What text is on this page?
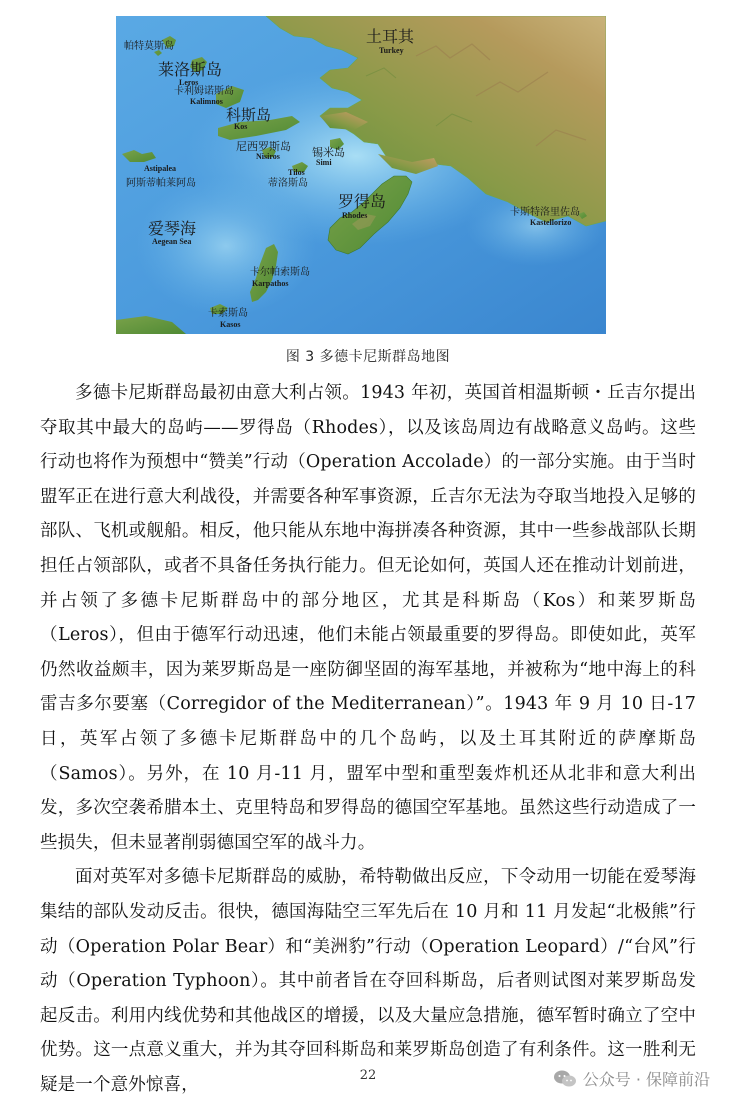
土耳其
Turkey
帕特莫斯岛
莱洛斯岛
Leros
卡利姆诺斯岛
Kalimnos
科斯岛
Kos
尼西罗斯岛
Nisiros	锡米岛
Simi
Astipalea
阿斯蒂帕莱阿岛
Tilos
蒂洛斯岛
罗得岛
Rhodes	卡斯特洛里佐岛
Kastellorizo
爱琴海
Aegean Sea
卡尔帕索斯岛
Karpathos
卡索斯岛
Kasos
图 3 多德卡尼斯群岛地图

多德卡尼斯群岛最初由意大利占领。1943 年初，英国首相温斯顿・丘吉尔提出夺取其中最大的岛屿——罗得岛（Rhodes），以及该岛周边有战略意义岛屿。这些行动也将作为预想中“赞美”行动（Operation Accolade）的一部分实施。由于当时盟军正在进行意大利战役，并需要各种军事资源，丘吉尔无法为夺取当地投入足够的部队、飞机或舰船。相反，他只能从东地中海拼凑各种资源，其中一些参战部队长期担任占领部队，或者不具备任务执行能力。但无论如何，英国人还在推动计划前进，并占领了多德卡尼斯群岛中的部分地区，尤其是科斯岛（Kos）和莱罗斯岛（Leros），但由于德军行动迅速，他们未能占领最重要的罗得岛。即使如此，英军仍然收益颇丰，因为莱罗斯岛是一座防御坚固的海军基地，并被称为“地中海上的科雷吉多尔要塞（Corregidor of the Mediterranean）”。1943 年 9 月 10 日-17 日，英军占领了多德卡尼斯群岛中的几个岛屿，以及土耳其附近的萨摩斯岛（Samos）。另外，在 10 月-11 月，盟军中型和重型轰炸机还从北非和意大利出发，多次空袭希腊本土、克里特岛和罗得岛的德国空军基地。虽然这些行动造成了一些损失，但未显著削弱德国空军的战斗力。

面对英军对多德卡尼斯群岛的威胁，希特勒做出反应，下令动用一切能在爱琴海集结的部队发动反击。很快，德国海陆空三军先后在 10 月和 11 月发起“北极熊”行动（Operation Polar Bear）和“美洲豹”行动（Operation Leopard）/“台风”行动（Operation Typhoon）。其中前者旨在夺回科斯岛，后者则试图对莱罗斯岛发起反击。利用内线优势和其他战区的增援，以及大量应急措施，德军暂时确立了空中优势。这一点意义重大，并为其夺回科斯岛和莱罗斯岛创造了有利条件。这一胜利无疑是一个意外惊喜，	22	公众号 · 保障前沿
